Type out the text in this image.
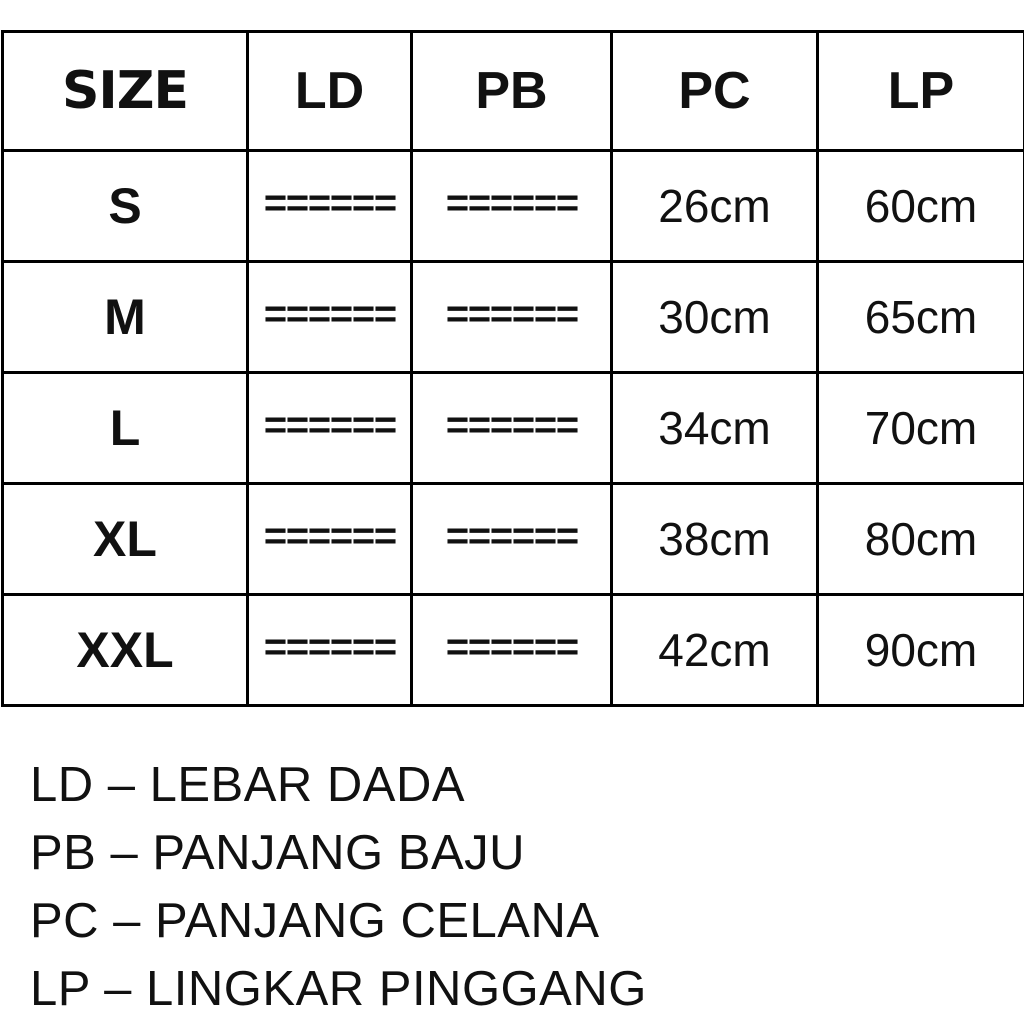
SIZE	LD	PB	PC	LP
S	======	======	26cm	60cm
M	======	======	30cm	65cm
L	======	======	34cm	70cm
XL	======	======	38cm	80cm
XXL	======	======	42cm	90cm
LD – LEBAR DADA
PB – PANJANG BAJU
PC – PANJANG CELANA
LP – LINGKAR PINGGANG
